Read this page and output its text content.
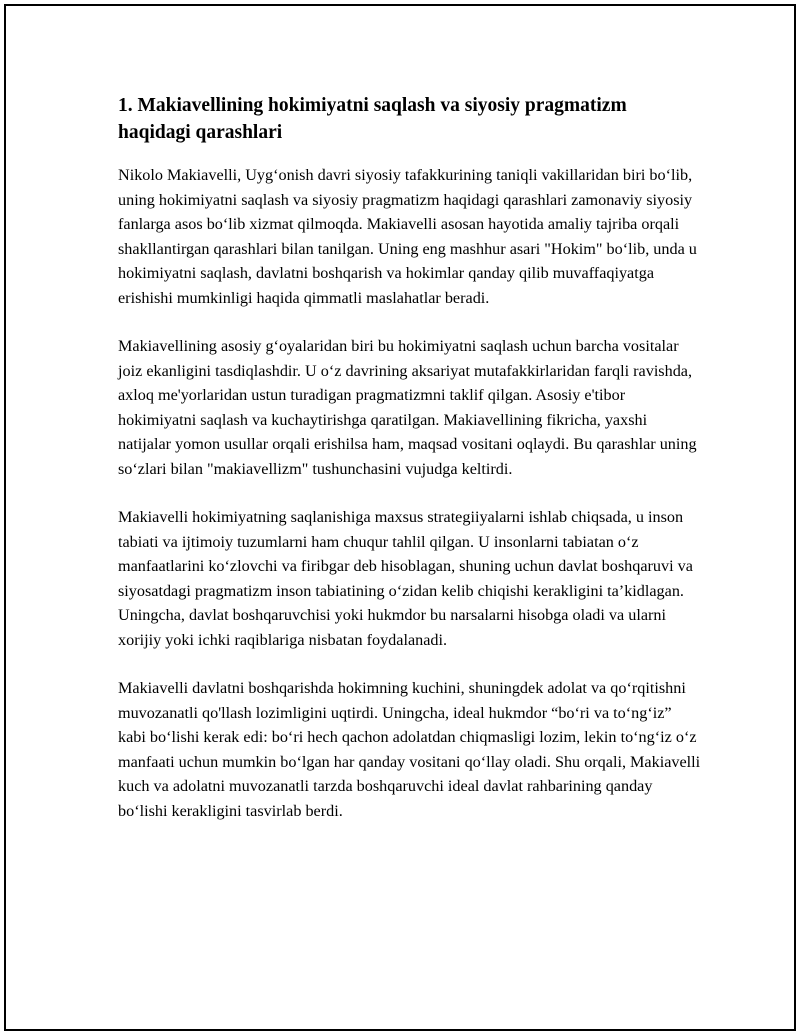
1. Makiavellining hokimiyatni saqlash va siyosiy pragmatizm haqidagi qarashlari

Nikolo Makiavelli, Uyg‘onish davri siyosiy tafakkurining taniqli vakillaridan biri bo‘lib, uning hokimiyatni saqlash va siyosiy pragmatizm haqidagi qarashlari zamonaviy siyosiy fanlarga asos bo‘lib xizmat qilmoqda. Makiavelli asosan hayotida amaliy tajriba orqali shakllantirgan qarashlari bilan tanilgan. Uning eng mashhur asari "Hokim" bo‘lib, unda u hokimiyatni saqlash, davlatni boshqarish va hokimlar qanday qilib muvaffaqiyatga erishishi mumkinligi haqida qimmatli maslahatlar beradi.

Makiavellining asosiy g‘oyalaridan biri bu hokimiyatni saqlash uchun barcha vositalar joiz ekanligini tasdiqlashdir. U o‘z davrining aksariyat mutafakkirlaridan farqli ravishda, axloq me'yorlaridan ustun turadigan pragmatizmni taklif qilgan. Asosiy e'tibor hokimiyatni saqlash va kuchaytirishga qaratilgan. Makiavellining fikricha, yaxshi natijalar yomon usullar orqali erishilsa ham, maqsad vositani oqlaydi. Bu qarashlar uning so‘zlari bilan "makiavellizm" tushunchasini vujudga keltirdi.

Makiavelli hokimiyatning saqlanishiga maxsus strategiiyalarni ishlab chiqsada, u inson tabiati va ijtimoiy tuzumlarni ham chuqur tahlil qilgan. U insonlarni tabiatan o‘z manfaatlarini ko‘zlovchi va firibgar deb hisoblagan, shuning uchun davlat boshqaruvi va siyosatdagi pragmatizm inson tabiatining o‘zidan kelib chiqishi kerakligini ta’kidlagan. Uningcha, davlat boshqaruvchisi yoki hukmdor bu narsalarni hisobga oladi va ularni xorijiy yoki ichki raqiblariga nisbatan foydalanadi.

Makiavelli davlatni boshqarishda hokimning kuchini, shuningdek adolat va qo‘rqitishni muvozanatli qo'llash lozimligini uqtirdi. Uningcha, ideal hukmdor “bo‘ri va to‘ng‘iz” kabi bo‘lishi kerak edi: bo‘ri hech qachon adolatdan chiqmasligi lozim, lekin to‘ng‘iz o‘z manfaati uchun mumkin bo‘lgan har qanday vositani qo‘llay oladi. Shu orqali, Makiavelli kuch va adolatni muvozanatli tarzda boshqaruvchi ideal davlat rahbarining qanday bo‘lishi kerakligini tasvirlab berdi.
